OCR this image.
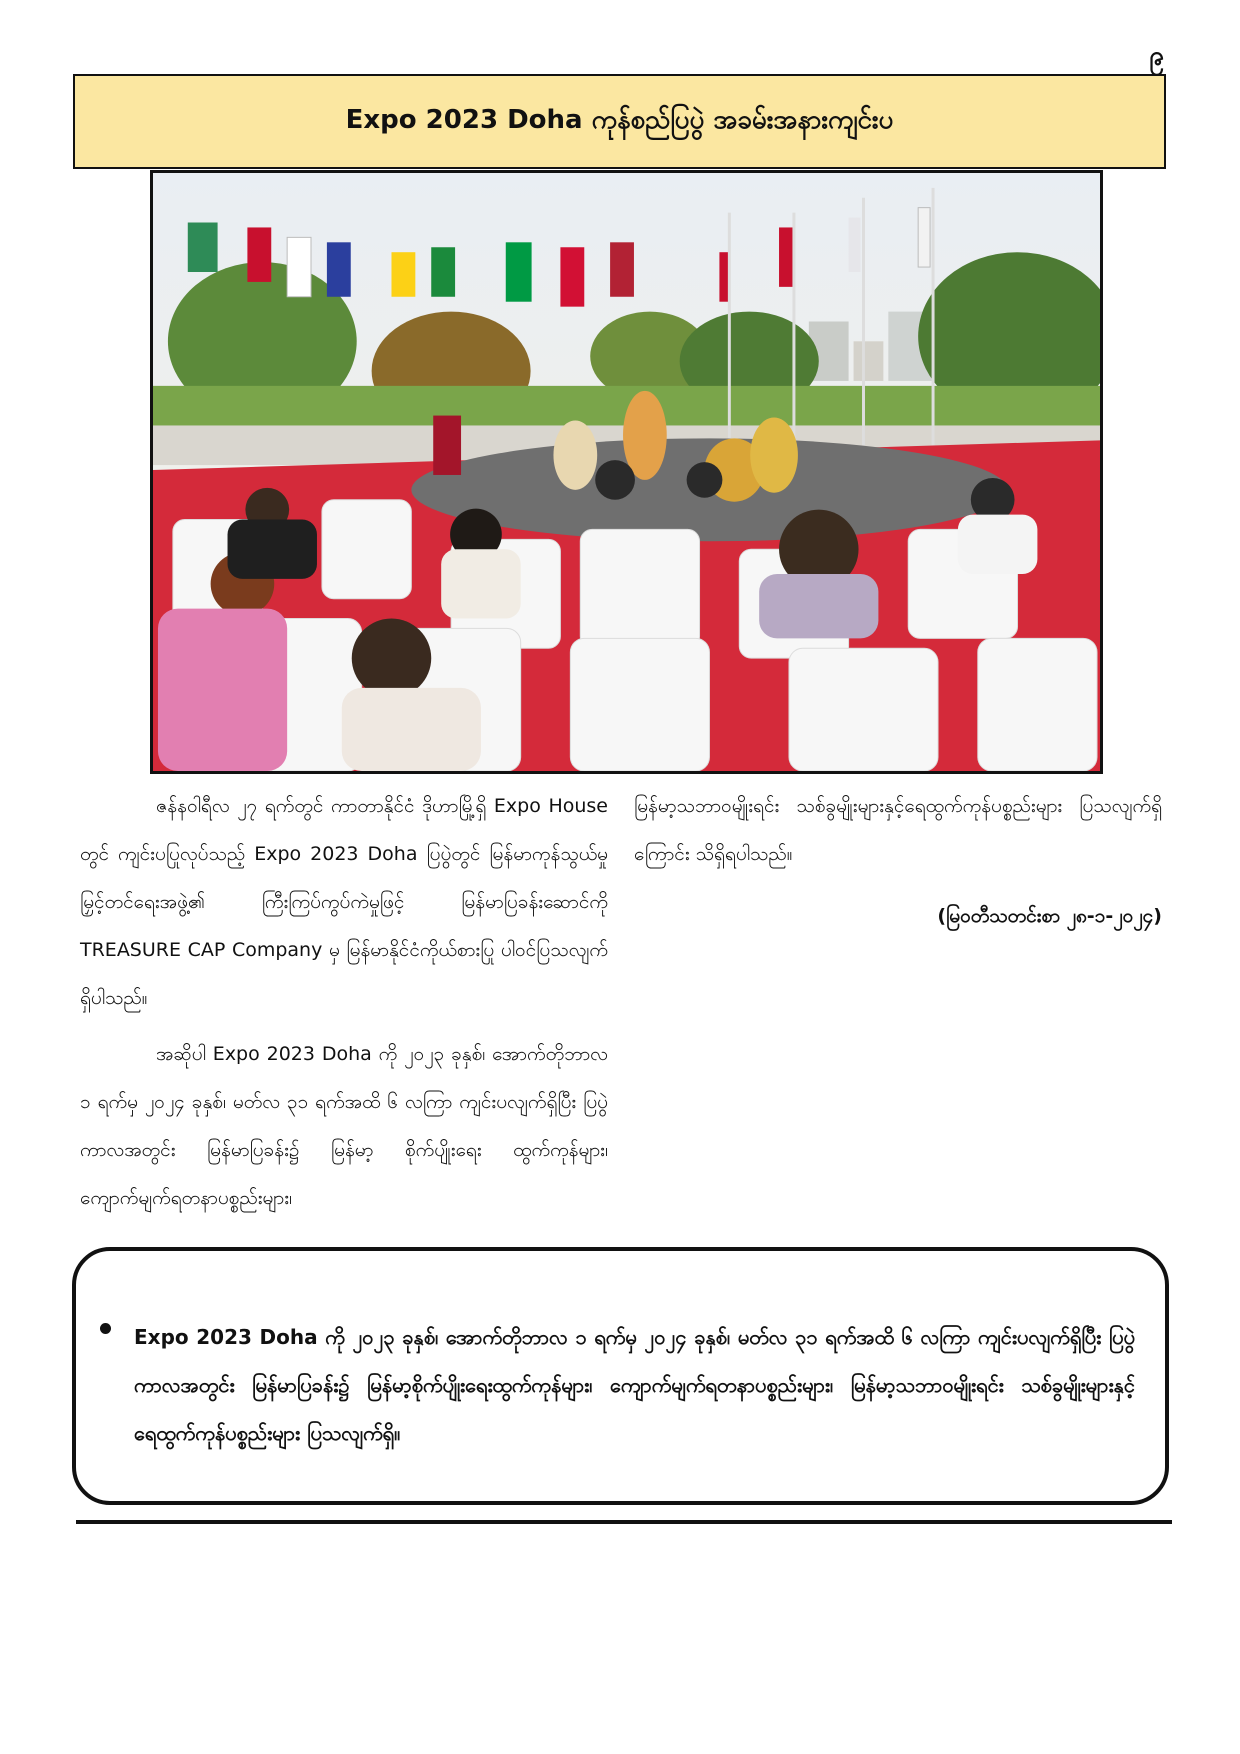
၉
Expo 2023 Doha ကုန်စည်ပြပွဲ အခမ်းအနားကျင်းပ

ဇန်နဝါရီလ ၂၇ ရက်တွင် ကာတာနိုင်ငံ ဒိုဟာမြို့ရှိ Expo House တွင် ကျင်းပပြုလုပ်သည့် Expo 2023 Doha ပြပွဲတွင် မြန်မာကုန်သွယ်မှု မြှင့်တင်ရေးအဖွဲ့၏ ကြီးကြပ်ကွပ်ကဲမှုဖြင့် မြန်မာပြခန်းဆောင်ကို TREASURE CAP Company မှ မြန်မာနိုင်ငံကိုယ်စားပြု ပါဝင်ပြသလျက်ရှိပါသည်။

အဆိုပါ Expo 2023 Doha ကို ၂၀၂၃ ခုနှစ်၊ အောက်တိုဘာလ ၁ ရက်မှ ၂၀၂၄ ခုနှစ်၊ မတ်လ ၃၁ ရက်အထိ ၆ လကြာ ကျင်းပလျက်ရှိပြီး ပြပွဲကာလအတွင်း မြန်မာပြခန်း၌ မြန်မာ့ စိုက်ပျိုးရေး ထွက်ကုန်များ၊ ကျောက်မျက်ရတနာပစ္စည်းများ၊

မြန်မာ့သဘာဝမျိုးရင်း သစ်ခွမျိုးများနှင့်ရေထွက်ကုန်ပစ္စည်းများ ပြသလျက်ရှိကြောင်း သိရှိရပါသည်။

(မြဝတီသတင်းစာ ၂၈-၁-၂၀၂၄)

Expo 2023 Doha ကို ၂၀၂၃ ခုနှစ်၊ အောက်တိုဘာလ ၁ ရက်မှ ၂၀၂၄ ခုနှစ်၊ မတ်လ ၃၁ ရက်အထိ ၆ လကြာ ကျင်းပလျက်ရှိပြီး ပြပွဲကာလအတွင်း မြန်မာပြခန်း၌ မြန်မာ့စိုက်ပျိုးရေးထွက်ကုန်များ၊ ကျောက်မျက်ရတနာပစ္စည်းများ၊ မြန်မာ့သဘာဝမျိုးရင်း သစ်ခွမျိုးများနှင့် ရေထွက်ကုန်ပစ္စည်းများ ပြသလျက်ရှိ။
